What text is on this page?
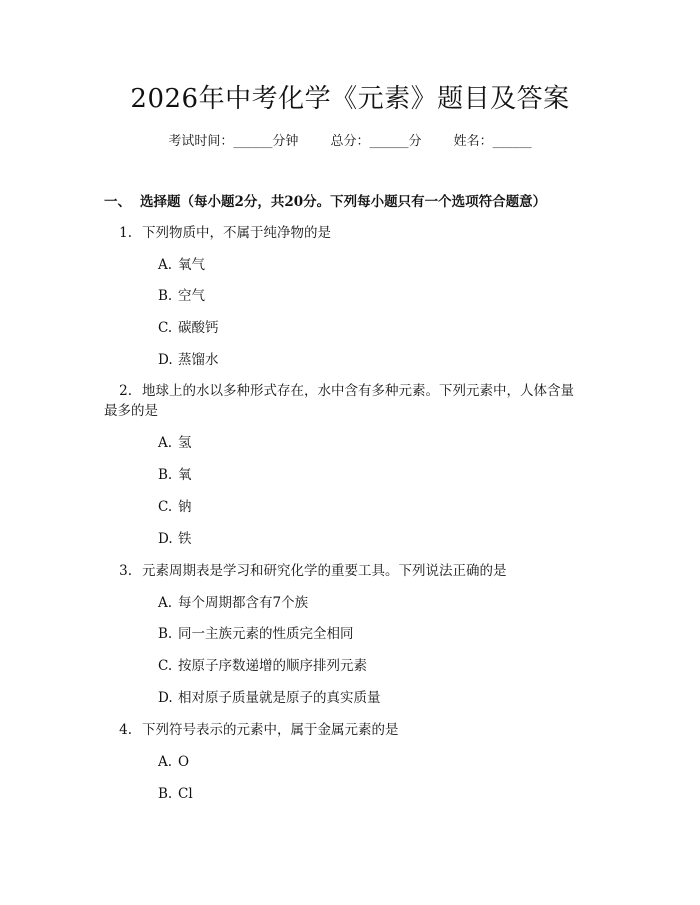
2026年中考化学《元素》题目及答案
考试时间：______分钟 总分：______分 姓名：______
一、 选择题（每小题2分，共20分。下列每小题只有一个选项符合题意）
1. 下列物质中，不属于纯净物的是
A. 氧气
B. 空气
C. 碳酸钙
D. 蒸馏水
2. 地球上的水以多种形式存在，水中含有多种元素。下列元素中，人体含量
最多的是
A. 氢
B. 氧
C. 钠
D. 铁
3. 元素周期表是学习和研究化学的重要工具。下列说法正确的是
A. 每个周期都含有7个族
B. 同一主族元素的性质完全相同
C. 按原子序数递增的顺序排列元素
D. 相对原子质量就是原子的真实质量
4. 下列符号表示的元素中，属于金属元素的是
A. O
B. Cl
